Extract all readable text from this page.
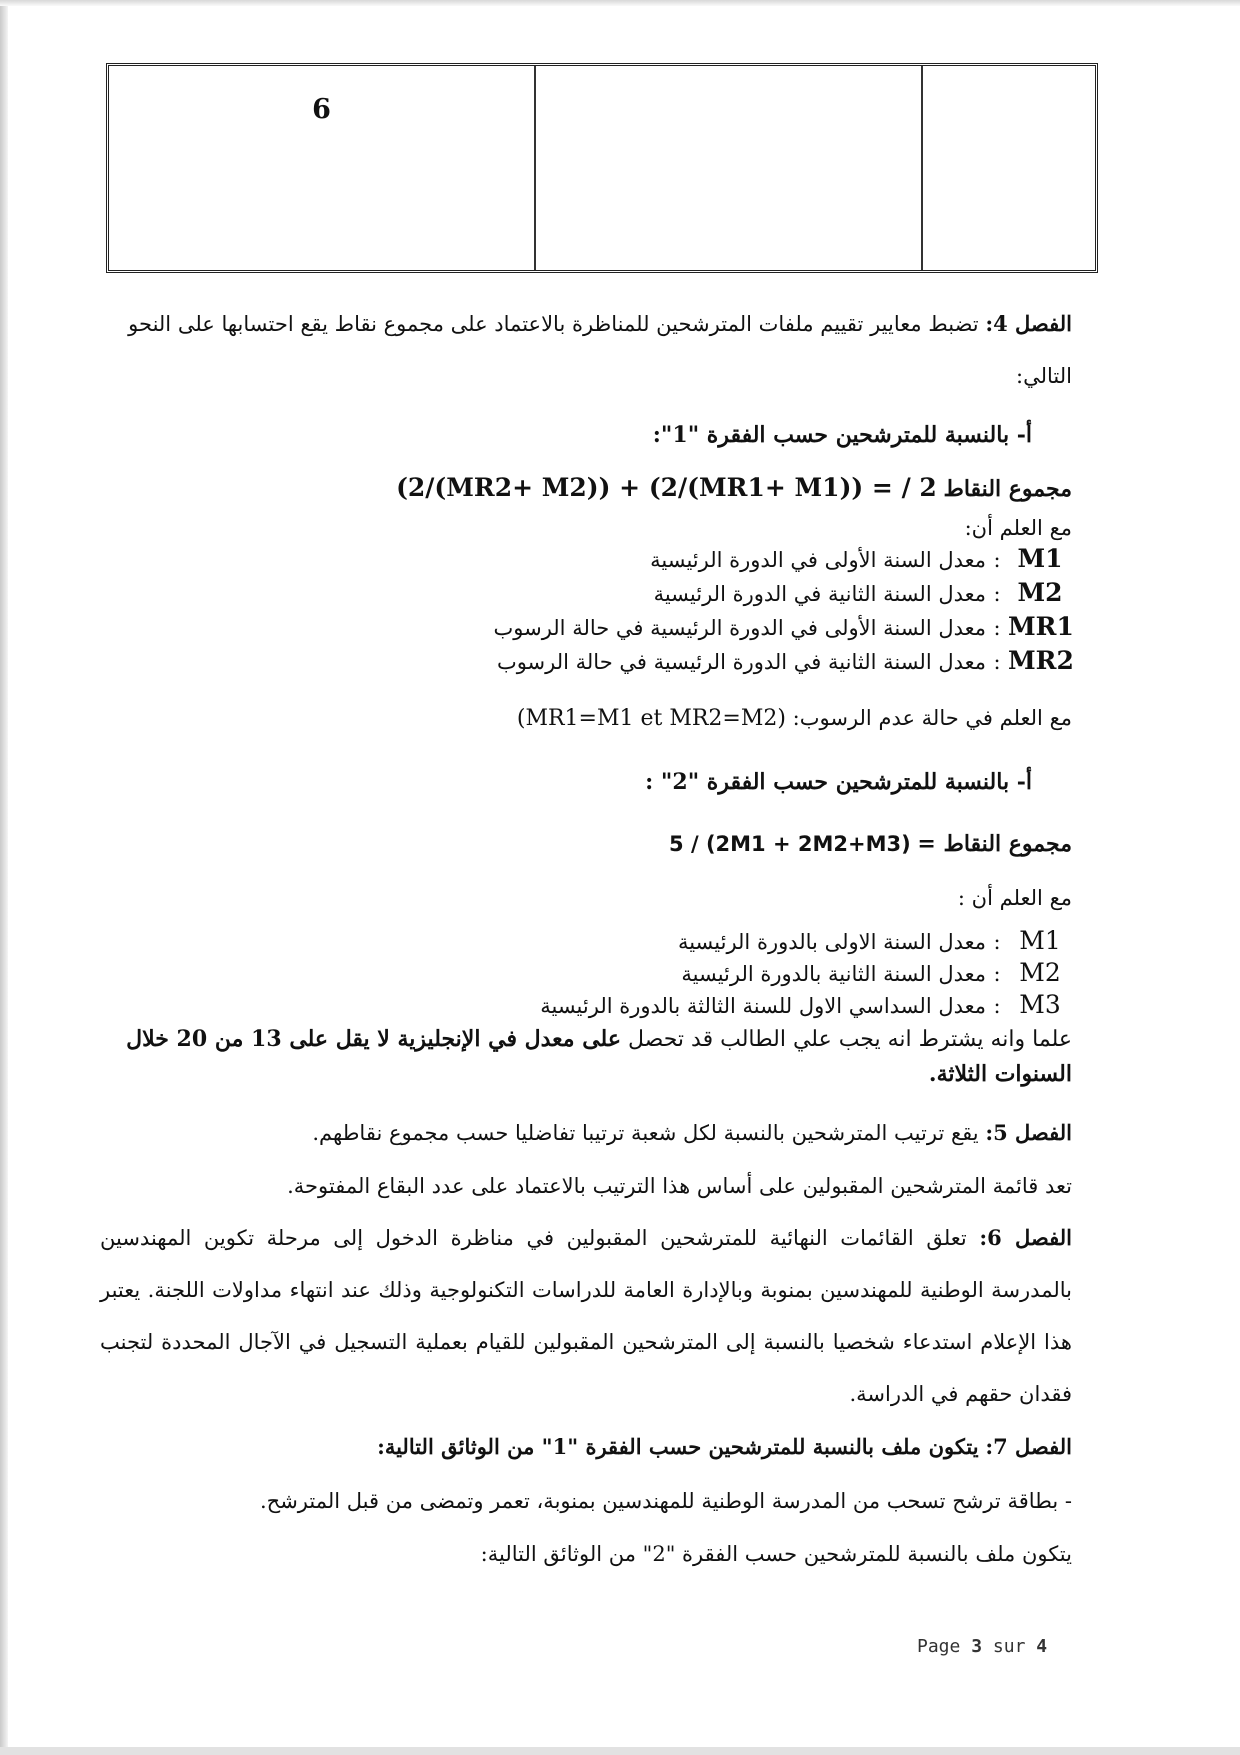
6

الفصل 4: تضبط معايير تقييم ملفات المترشحين للمناظرة بالاعتماد على مجموع نقاط يقع احتسابها على النحو التالي:

أ- بالنسبة للمترشحين حسب الفقرة "1":

مجموع النقاط (2/(MR2+ M2)) + (2/(MR1+ M1)) = / 2

مع العلم أن:

M1
:
معدل السنة الأولى في الدورة الرئيسية
M2
:
معدل السنة الثانية في الدورة الرئيسية
MR1
:
معدل السنة الأولى في الدورة الرئيسية في حالة الرسوب
MR2
:
معدل السنة الثانية في الدورة الرئيسية في حالة الرسوب

مع العلم في حالة عدم الرسوب: (MR1=M1 et MR2=M2)

أ- بالنسبة للمترشحين حسب الفقرة "2" :

مجموع النقاط = 5 / (2M1 + 2M2+M3)

مع العلم أن :

M1
:
معدل السنة الاولى بالدورة الرئيسية
M2
:
معدل السنة الثانية بالدورة الرئيسية
M3
:
معدل السداسي الاول للسنة الثالثة بالدورة الرئيسية

علما وانه يشترط انه يجب علي الطالب قد تحصل على معدل في الإنجليزية لا يقل على 13 من 20 خلال السنوات الثلاثة.

الفصل 5: يقع ترتيب المترشحين بالنسبة لكل شعبة ترتيبا تفاضليا حسب مجموع نقاطهم.

تعد قائمة المترشحين المقبولين على أساس هذا الترتيب بالاعتماد على عدد البقاع المفتوحة.

الفصل 6: تعلق القائمات النهائية للمترشحين المقبولين في مناظرة الدخول إلى مرحلة تكوين المهندسين بالمدرسة الوطنية للمهندسين بمنوبة وبالإدارة العامة للدراسات التكنولوجية وذلك عند انتهاء مداولات اللجنة. يعتبر هذا الإعلام استدعاء شخصيا بالنسبة إلى المترشحين المقبولين للقيام بعملية التسجيل في الآجال المحددة لتجنب فقدان حقهم في الدراسة.

الفصل 7: يتكون ملف بالنسبة للمترشحين حسب الفقرة "1" من الوثائق التالية:

- بطاقة ترشح تسحب من المدرسة الوطنية للمهندسين بمنوبة، تعمر وتمضى من قبل المترشح.

يتكون ملف بالنسبة للمترشحين حسب الفقرة "2" من الوثائق التالية:

Page 3 sur 4
